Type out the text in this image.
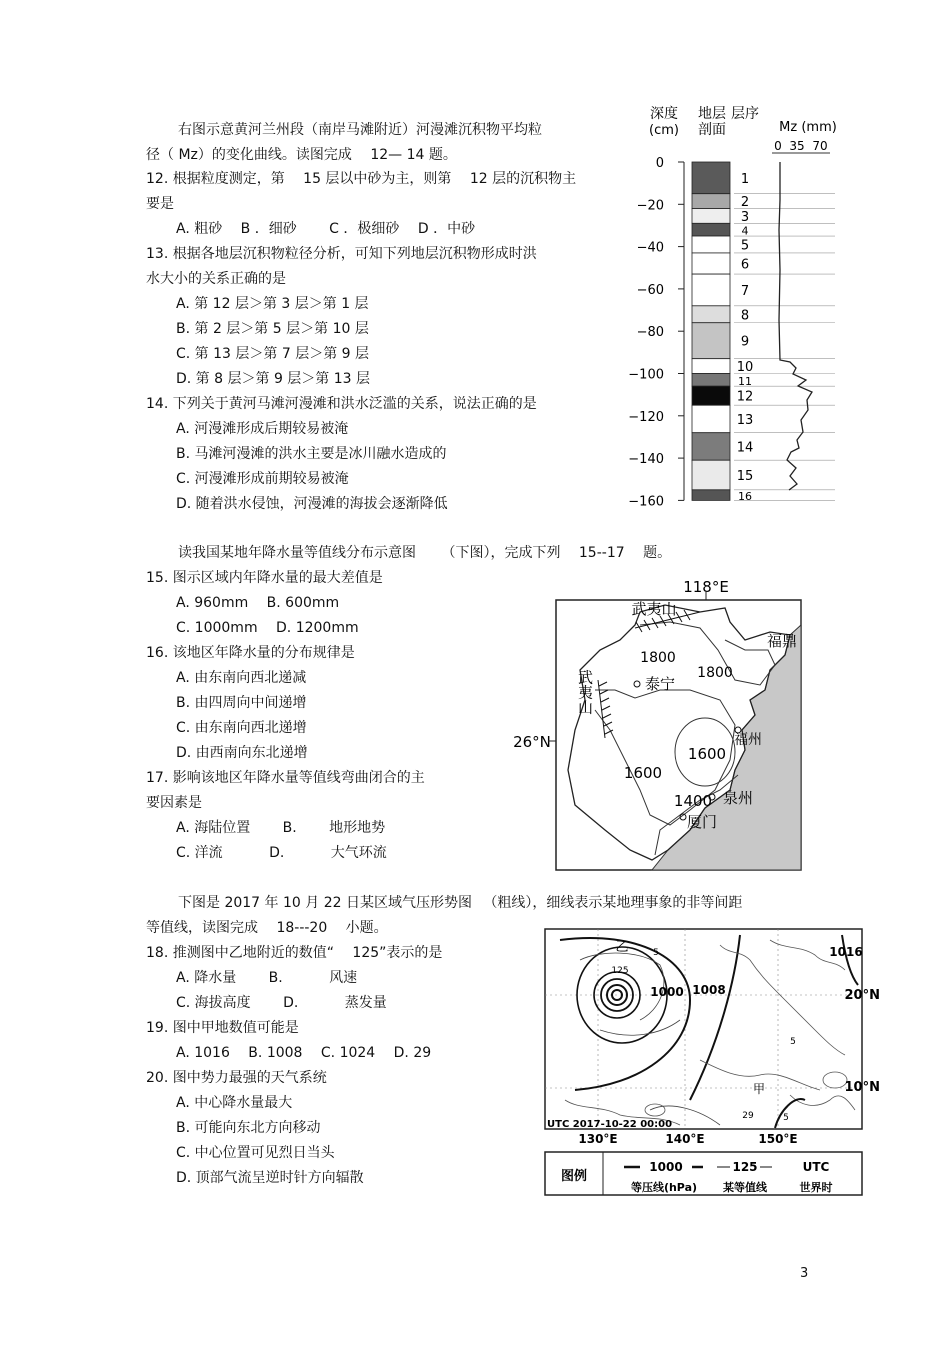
右图示意黄河兰州段（南岸马滩附近）河漫滩沉积物平均粒
径（ Mz）的变化曲线。读图完成 　12— 14 题。
12. 根据粒度测定，第 　15 层以中砂为主，则第 　12 层的沉积物主
要是
A. 粗砂 　B ．细砂 　　C ．极细砂 　D ．中砂
13. 根据各地层沉积物粒径分析，可知下列地层沉积物形成时洪
水大小的关系正确的是
A. 第 12 层＞第 3 层＞第 1 层
B. 第 2 层＞第 5 层＞第 10 层
C. 第 13 层＞第 7 层＞第 9 层
D. 第 8 层＞第 9 层＞第 13 层
14. 下列关于黄河马滩河漫滩和洪水泛滥的关系，说法正确的是
A. 河漫滩形成后期较易被淹
B. 马滩河漫滩的洪水主要是冰川融水造成的
C. 河漫滩形成前期较易被淹
D. 随着洪水侵蚀，河漫滩的海拔会逐渐降低
深度
(cm)
地层
剖面
层序
Mz (mm)
0 35 70
1
2
3
4
5
6
7
8
9
10
11
12
13
14
15
16
0
−20
−40
−60
−80
−100
−120
−140
−160
读我国某地年降水量等值线分布示意图 　　（下图），完成下列 　15--17 　题。
15. 图示区域内年降水量的最大差值是
A. 960mm 　B. 600mm
C. 1000mm 　D. 1200mm
16. 该地区年降水量的分布规律是
A. 由东南向西北递减
B. 由四周向中间递增
C. 由东南向西北递增
D. 由西南向东北递增
17. 影响该地区年降水量等值线弯曲闭合的主
要因素是
A. 海陆位置 　　B. 　　地形地势
C. 洋流 　　　D. 　　　大气环流
118°E
26°N
武夷山
福鼎
1800
1800
泰宁
武夷山
福州
1600
1600
1400 泉州
厦门
下图是 2017 年 10 月 22 日某区域气压形势图 　（粗线），细线表示某地理事象的非等间距
等值线，读图完成 　18---20 　小题。
18. 推测图中乙地附近的数值“ 　125”表示的是
A. 降水量 　　B. 　　　风速
C. 海拔高度 　　D. 　　　蒸发量
19. 图中甲地数值可能是
A. 1016 　B. 1008 　C. 1024 　D. 29
20. 图中势力最强的天气系统
A. 中心降水量最大
B. 可能向东北方向移动
C. 中心位置可见烈日当头
D. 顶部气流呈逆时针方向辐散
乙
125
5
1000 1008
1016
20°N
10°N
5
甲
29	5
UTC 2017-10-22 00:00
130°E	140°E	150°E
图例
1000
等压线(hPa)
125
某等值线
UTC
世界时
3
